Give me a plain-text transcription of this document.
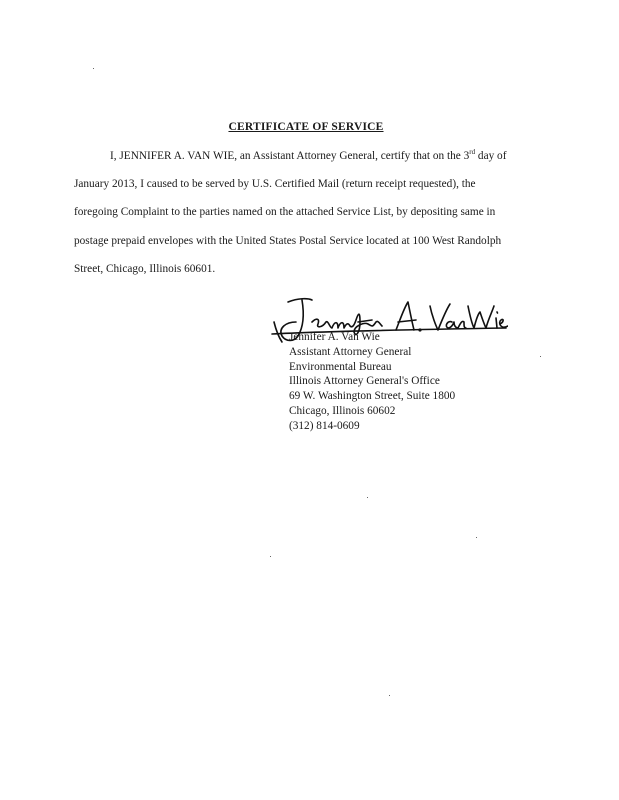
CERTIFICATE OF SERVICE
I, JENNIFER A. VAN WIE, an Assistant Attorney General, certify that on the 3rd day of
January 2013, I caused to be served by U.S. Certified Mail (return receipt requested), the
foregoing Complaint to the parties named on the attached Service List, by depositing same in
postage prepaid envelopes with the United States Postal Service located at 100 West Randolph
Street, Chicago, Illinois 60601.
Jennifer A. Van Wie
Assistant Attorney General
Environmental Bureau
Illinois Attorney General's Office
69 W. Washington Street, Suite 1800
Chicago, Illinois 60602
(312) 814-0609
